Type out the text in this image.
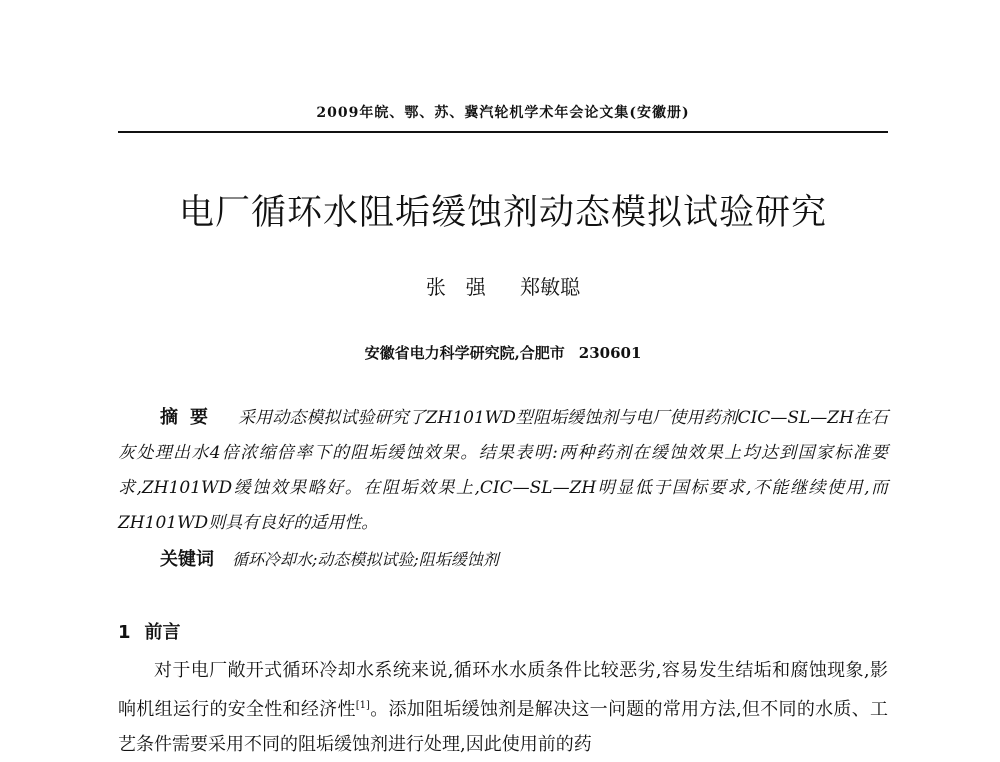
2009年皖、鄂、苏、冀汽轮机学术年会论文集(安徽册)
电厂循环水阻垢缓蚀剂动态模拟试验研究
张　强 郑敏聪
安徽省电力科学研究院,合肥市 230601
摘要 采用动态模拟试验研究了ZH101WD型阻垢缓蚀剂与电厂使用药剂CIC—SL—ZH在石灰处理出水4倍浓缩倍率下的阻垢缓蚀效果。结果表明:两种药剂在缓蚀效果上均达到国家标准要求,ZH101WD缓蚀效果略好。在阻垢效果上,CIC—SL—ZH明显低于国标要求,不能继续使用,而ZH101WD则具有良好的适用性。
关键词 循环冷却水;动态模拟试验;阻垢缓蚀剂
1 前言
对于电厂敞开式循环冷却水系统来说,循环水水质条件比较恶劣,容易发生结垢和腐蚀现象,影响机组运行的安全性和经济性[1]。添加阻垢缓蚀剂是解决这一问题的常用方法,但不同的水质、工艺条件需要采用不同的阻垢缓蚀剂进行处理,因此使用前的药
